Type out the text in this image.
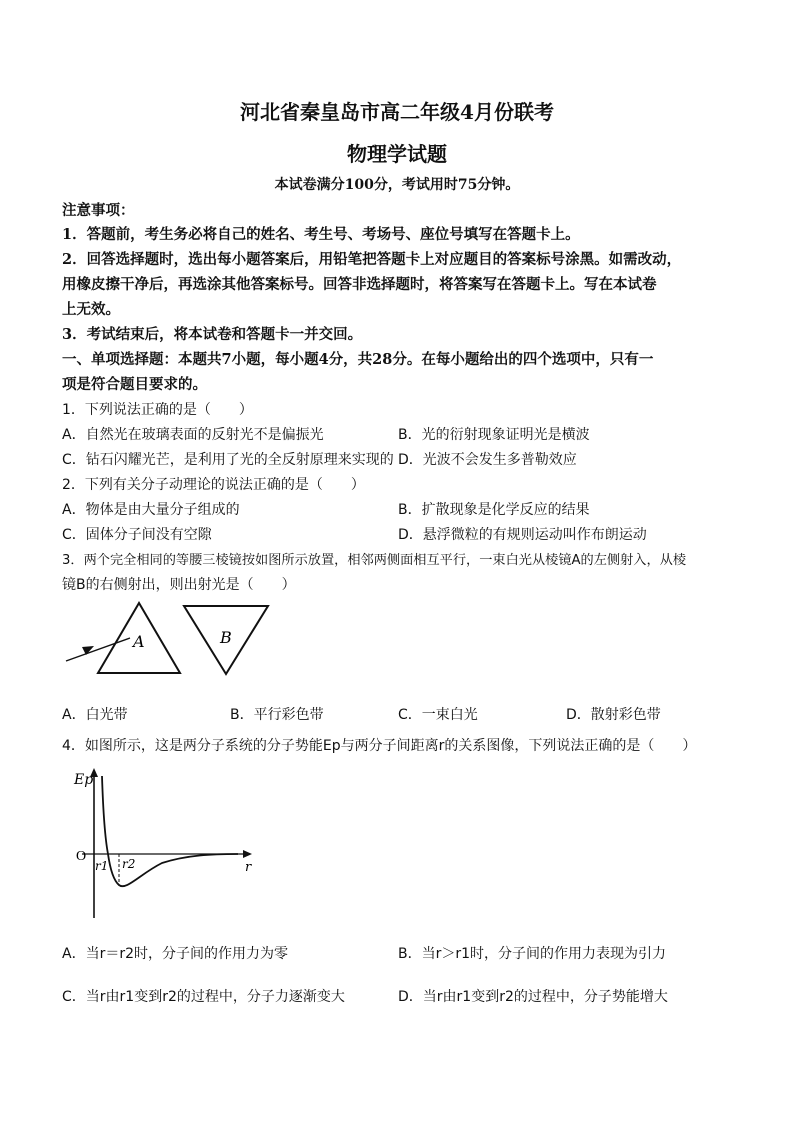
河北省秦皇岛市高二年级4月份联考
物理学试题
本试卷满分100分，考试用时75分钟。
注意事项：
1．答题前，考生务必将自己的姓名、考生号、考场号、座位号填写在答题卡上。
2．回答选择题时，选出每小题答案后，用铅笔把答题卡上对应题目的答案标号涂黑。如需改动，
用橡皮擦干净后，再选涂其他答案标号。回答非选择题时，将答案写在答题卡上。写在本试卷
上无效。
3．考试结束后，将本试卷和答题卡一并交回。
一、单项选择题：本题共7小题，每小题4分，共28分。在每小题给出的四个选项中，只有一
项是符合题目要求的。
1．下列说法正确的是（　　）
A．自然光在玻璃表面的反射光不是偏振光	B．光的衍射现象证明光是横波
C．钻石闪耀光芒，是利用了光的全反射原理来实现的 D．光波不会发生多普勒效应
2．下列有关分子动理论的说法正确的是（　　）
A．物体是由大量分子组成的	B．扩散现象是化学反应的结果
C．固体分子间没有空隙	D．悬浮微粒的有规则运动叫作布朗运动
3．两个完全相同的等腰三棱镜按如图所示放置，相邻两侧面相互平行，一束白光从棱镜A的左侧射入，从棱
镜B的右侧射出，则出射光是（　　）
A	B
A．白光带	B．平行彩色带	C．一束白光	D．散射彩色带
4．如图所示，这是两分子系统的分子势能Ep与两分子间距离r的关系图像，下列说法正确的是（　　）
Ep
r
O
r1 r2
A．当r＝r2时，分子间的作用力为零	B．当r＞r1时，分子间的作用力表现为引力
C．当r由r1变到r2的过程中，分子力逐渐变大	D．当r由r1变到r2的过程中，分子势能增大
